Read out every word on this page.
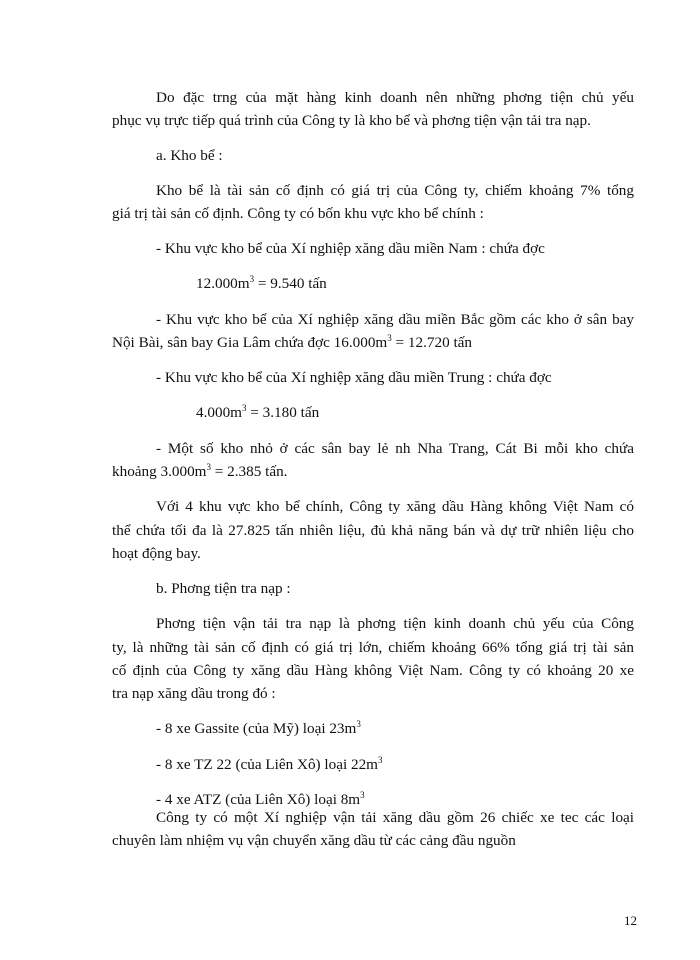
Do đặc trng của mặt hàng kinh doanh nên những phơng tiện chủ yếu

phục vụ trực tiếp quá trình của Công ty là kho bể và phơng tiện vận tải tra nạp.

a. Kho bể :

Kho bể là tài sản cố định có giá trị của Công ty, chiếm khoảng 7% tổng

giá trị tài sản cố định. Công ty có bốn khu vực kho bể chính :

- Khu vực kho bể của Xí nghiệp xăng dầu miền Nam : chứa đợc

$12.000m^3 = 9.540$ tấn

- Khu vực kho bể của Xí nghiệp xăng dầu miền Bắc gồm các kho ở sân bay

Nội Bài, sân bay Gia Lâm chứa đợc $16.000m^3 = 12.720$ tấn

- Khu vực kho bể của Xí nghiệp xăng dầu miền Trung : chứa đợc

$4.000m^3 = 3.180$ tấn

- Một số kho nhỏ ở các sân bay lẻ nh Nha Trang, Cát Bi mỗi kho chứa

khoảng $3.000m^3 = 2.385$ tấn.

Với 4 khu vực kho bể chính, Công ty xăng dầu Hàng không Việt Nam có

thể chứa tối đa là 27.825 tấn nhiên liệu, đủ khả năng bán và dự trữ nhiên liệu cho

hoạt động bay.

b. Phơng tiện tra nạp :

Phơng tiện vận tải tra nạp là phơng tiện kinh doanh chủ yếu của Công

ty, là những tài sản cố định có giá trị lớn, chiếm khoảng 66% tổng giá trị tài sản

cố định của Công ty xăng dầu Hàng không Việt Nam. Công ty có khoảng 20 xe

tra nạp xăng dầu trong đó :

- 8 xe Gassite (của Mỹ) loại $23m^3$

- 8 xe TZ 22 (của Liên Xô) loại $22m^3$

- 4 xe ATZ (của Liên Xô) loại $8m^3$

Công ty có một Xí nghiệp vận tải xăng dầu gồm 26 chiếc xe tec các loại

chuyên làm nhiệm vụ vận chuyển xăng dầu từ các cảng đầu nguồn

12
